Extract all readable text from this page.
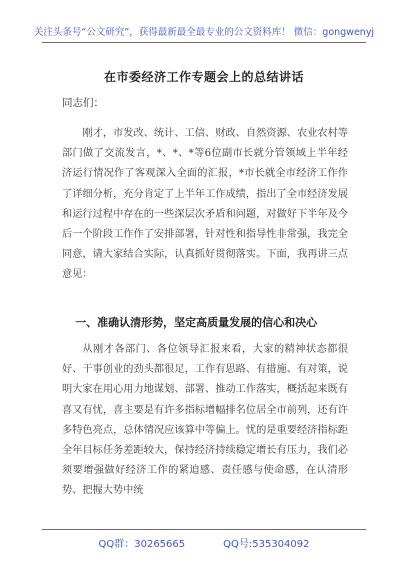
关注头条号“公文研究”，获得最新最全最专业的公文资料库！ 微信：gongwenyj
在市委经济工作专题会上的总结讲话
同志们：

刚才，市发改、统计、工信、财政、自然资源、农业农村等部门做了交流发言，*、*、*等6位副市长就分管领域上半年经济运行情况作了客观深入全面的汇报，*市长就全市经济工作作了详细分析，充分肯定了上半年工作成绩，指出了全市经济发展和运行过程中存在的一些深层次矛盾和问题，对做好下半年及今后一个阶段工作作了安排部署，针对性和指导性非常强，我完全同意，请大家结合实际，认真抓好贯彻落实。下面，我再讲三点意见：

一、准确认清形势，坚定高质量发展的信心和决心

从刚才各部门、各位领导汇报来看，大家的精神状态都很好、干事创业的劲头都很足，工作有思路、有措施、有对策，说明大家在用心用力地谋划、部署、推动工作落实，概括起来既有喜又有忧，喜主要是有许多指标增幅排名位居全市前列，还有许多特色亮点，总体情况应该算中等偏上。忧的是重要经济指标距全年目标任务差距较大，保持经济持续稳定增长有压力，我们必须要增强做好经济工作的紧迫感、责任感与使命感，在认清形势、把握大势中统

QQ群：30265665	QQ号:535304092
